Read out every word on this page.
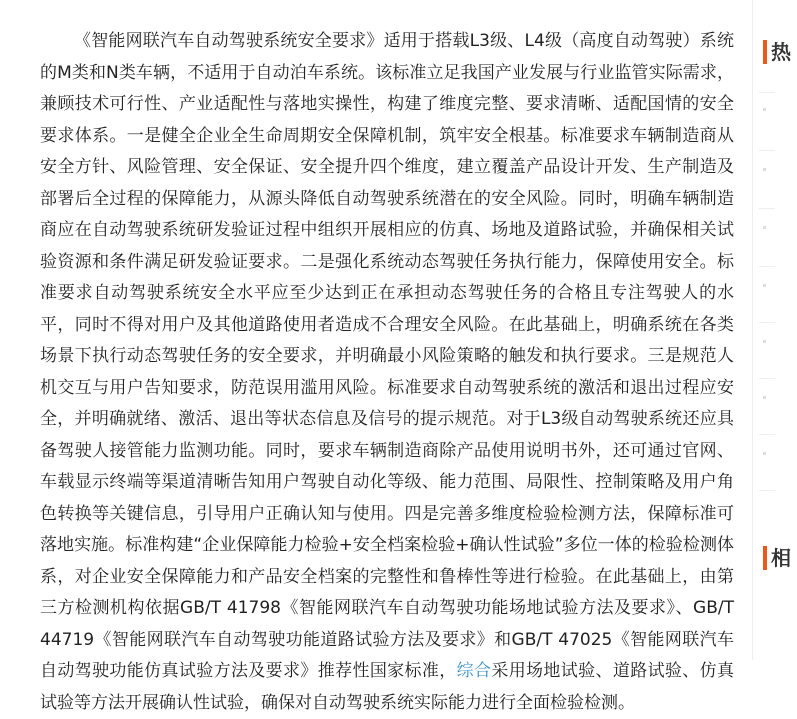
《智能网联汽车自动驾驶系统安全要求》适用于搭载L3级、L4级（高度自动驾驶）系统的M类和N类车辆，不适用于自动泊车系统。该标准立足我国产业发展与行业监管实际需求，兼顾技术可行性、产业适配性与落地实操性，构建了维度完整、要求清晰、适配国情的安全要求体系。一是健全企业全生命周期安全保障机制，筑牢安全根基。标准要求车辆制造商从安全方针、风险管理、安全保证、安全提升四个维度，建立覆盖产品设计开发、生产制造及部署后全过程的保障能力，从源头降低自动驾驶系统潜在的安全风险。同时，明确车辆制造商应在自动驾驶系统研发验证过程中组织开展相应的仿真、场地及道路试验，并确保相关试验资源和条件满足研发验证要求。二是强化系统动态驾驶任务执行能力，保障使用安全。标准要求自动驾驶系统安全水平应至少达到正在承担动态驾驶任务的合格且专注驾驶人的水平，同时不得对用户及其他道路使用者造成不合理安全风险。在此基础上，明确系统在各类场景下执行动态驾驶任务的安全要求，并明确最小风险策略的触发和执行要求。三是规范人机交互与用户告知要求，防范误用滥用风险。标准要求自动驾驶系统的激活和退出过程应安全，并明确就绪、激活、退出等状态信息及信号的提示规范。对于L3级自动驾驶系统还应具备驾驶人接管能力监测功能。同时，要求车辆制造商除产品使用说明书外，还可通过官网、车载显示终端等渠道清晰告知用户驾驶自动化等级、能力范围、局限性、控制策略及用户角色转换等关键信息，引导用户正确认知与使用。四是完善多维度检验检测方法，保障标准可落地实施。标准构建“企业保障能力检验+安全档案检验+确认性试验”多位一体的检验检测体系，对企业安全保障能力和产品安全档案的完整性和鲁棒性等进行检验。在此基础上，由第三方检测机构依据GB/T 41798《智能网联汽车自动驾驶功能场地试验方法及要求》、GB/T 44719《智能网联汽车自动驾驶功能道路试验方法及要求》和GB/T 47025《智能网联汽车自动驾驶功能仿真试验方法及要求》推荐性国家标准，综合采用场地试验、道路试验、仿真试验等方法开展确认性试验，确保对自动驾驶系统实际能力进行全面检验检测。

热
相
